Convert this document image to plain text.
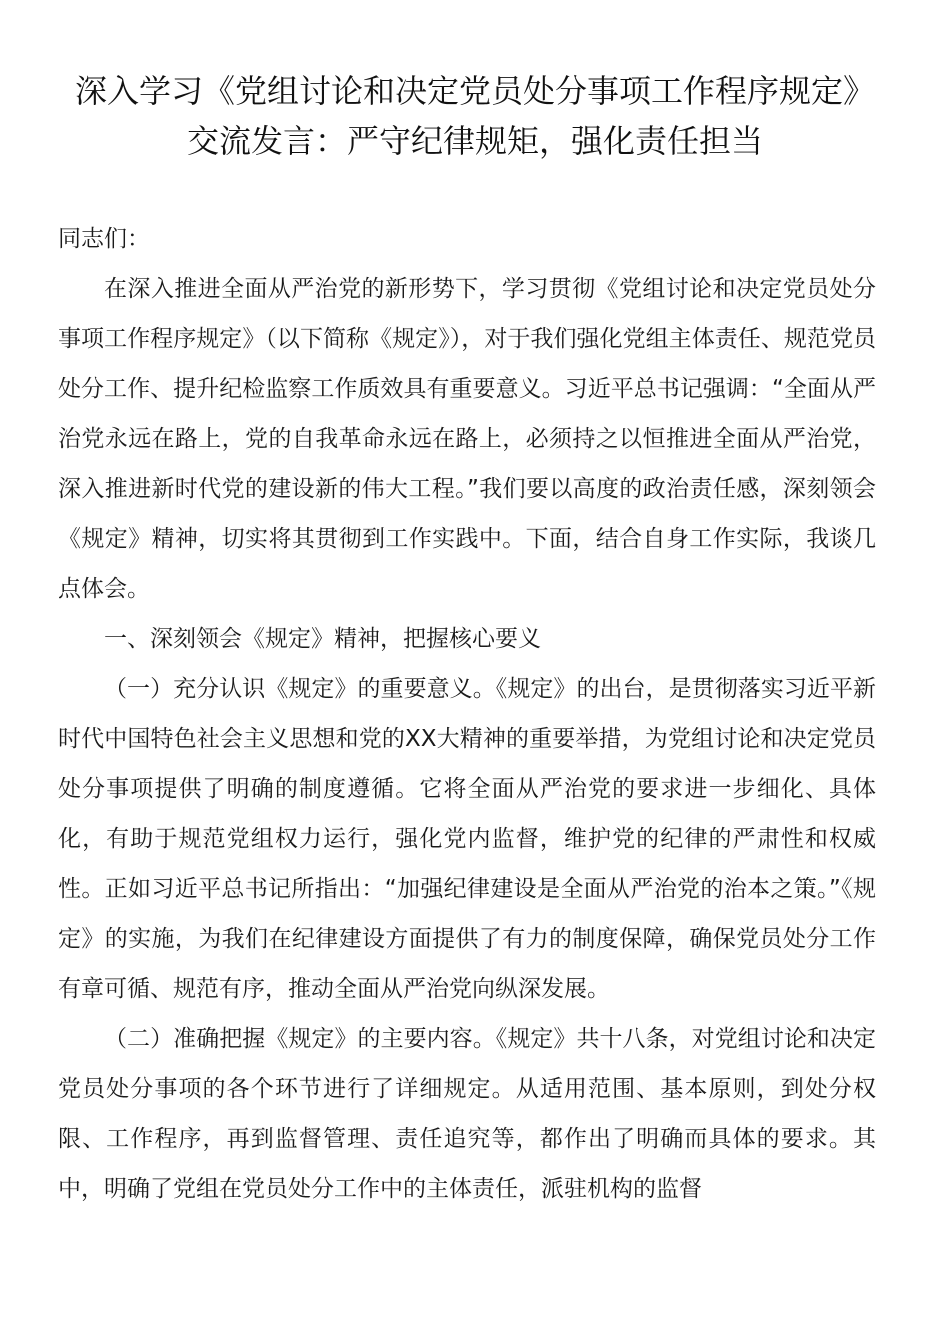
深入学习《党组讨论和决定党员处分事项工作程序规定》交流发言：严守纪律规矩，强化责任担当

同志们：

在深入推进全面从严治党的新形势下，学习贯彻《党组讨论和决定党员处分事项工作程序规定》（以下简称《规定》），对于我们强化党组主体责任、规范党员处分工作、提升纪检监察工作质效具有重要意义。习近平总书记强调：“全面从严治党永远在路上，党的自我革命永远在路上，必须持之以恒推进全面从严治党，深入推进新时代党的建设新的伟大工程。”我们要以高度的政治责任感，深刻领会《规定》精神，切实将其贯彻到工作实践中。下面，结合自身工作实际，我谈几点体会。

一、深刻领会《规定》精神，把握核心要义

（一）充分认识《规定》的重要意义。《规定》的出台，是贯彻落实习近平新时代中国特色社会主义思想和党的XX大精神的重要举措，为党组讨论和决定党员处分事项提供了明确的制度遵循。它将全面从严治党的要求进一步细化、具体化，有助于规范党组权力运行，强化党内监督，维护党的纪律的严肃性和权威性。正如习近平总书记所指出：“加强纪律建设是全面从严治党的治本之策。”《规定》的实施，为我们在纪律建设方面提供了有力的制度保障，确保党员处分工作有章可循、规范有序，推动全面从严治党向纵深发展。

（二）准确把握《规定》的主要内容。《规定》共十八条，对党组讨论和决定党员处分事项的各个环节进行了详细规定。从适用范围、基本原则，到处分权限、工作程序，再到监督管理、责任追究等，都作出了明确而具体的要求。其中，明确了党组在党员处分工作中的主体责任，派驻机构的监督
